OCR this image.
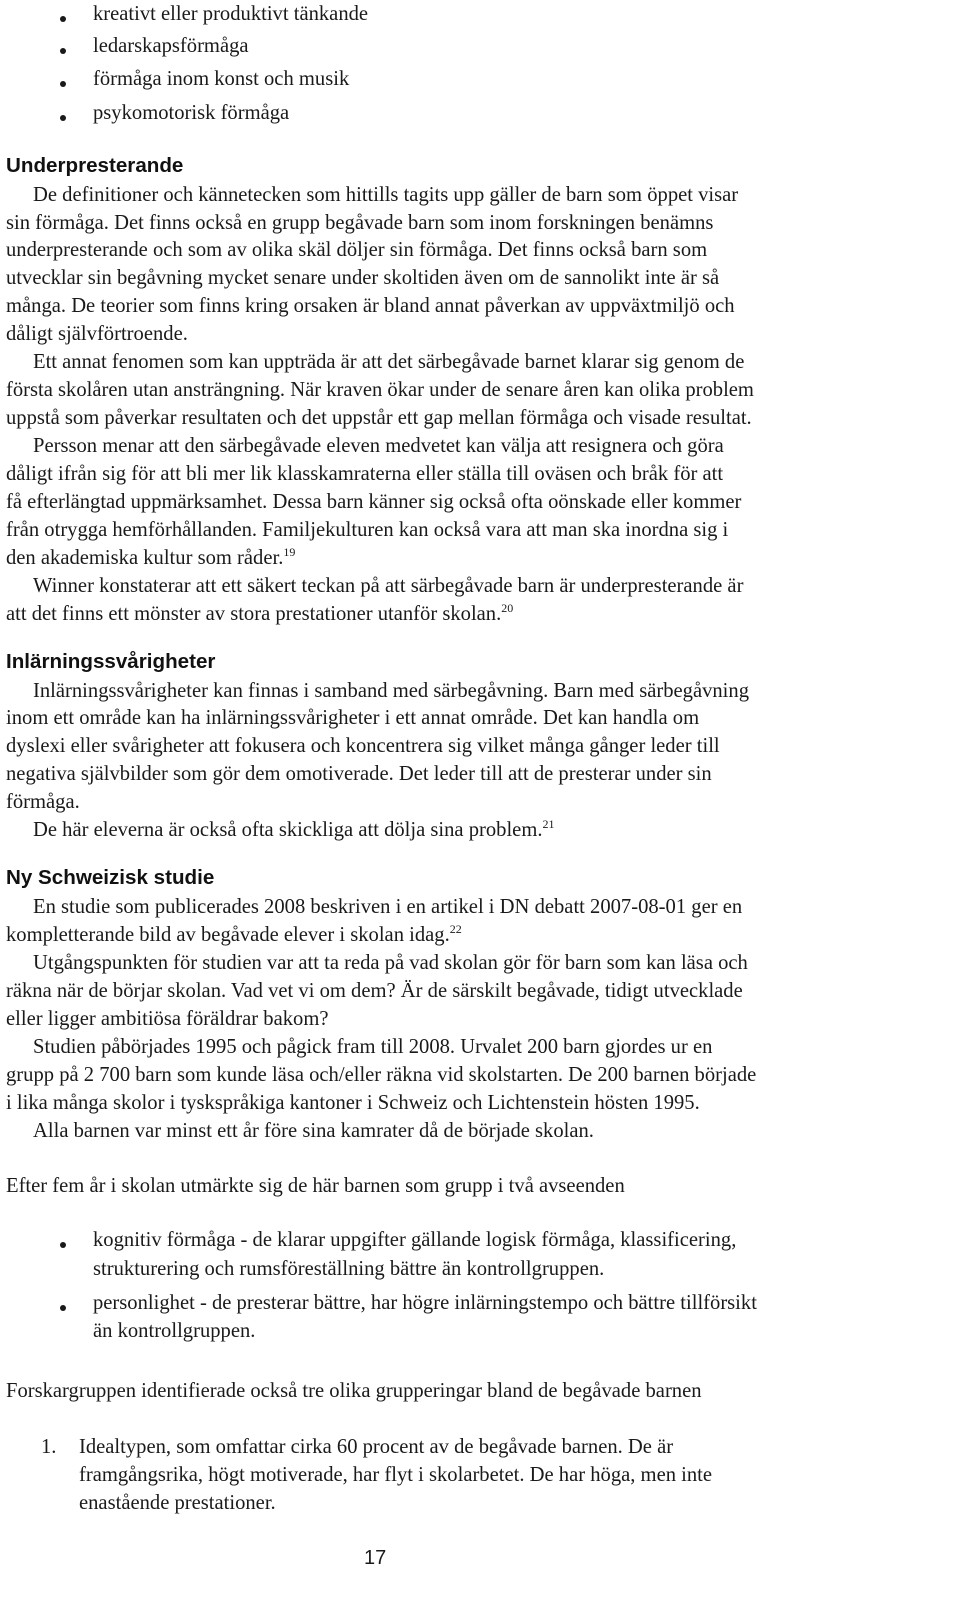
kreativt eller produktivt tänkande
ledarskapsförmåga
förmåga inom konst och musik
psykomotorisk förmåga
Underpresterande
De definitioner och kännetecken som hittills tagits upp gäller de barn som öppet visar
sin förmåga. Det finns också en grupp begåvade barn som inom forskningen benämns
underpresterande och som av olika skäl döljer sin förmåga. Det finns också barn som
utvecklar sin begåvning mycket senare under skoltiden även om de sannolikt inte är så
många. De teorier som finns kring orsaken är bland annat påverkan av uppväxtmiljö och
dåligt självförtroende.
Ett annat fenomen som kan uppträda är att det särbegåvade barnet klarar sig genom de
första skolåren utan ansträngning. När kraven ökar under de senare åren kan olika problem
uppstå som påverkar resultaten och det uppstår ett gap mellan förmåga och visade resultat.
Persson menar att den särbegåvade eleven medvetet kan välja att resignera och göra
dåligt ifrån sig för att bli mer lik klasskamraterna eller ställa till oväsen och bråk för att
få efterlängtad uppmärksamhet. Dessa barn känner sig också ofta oönskade eller kommer
från otrygga hemförhållanden. Familjekulturen kan också vara att man ska inordna sig i
den akademiska kultur som råder.$^{19}$
Winner konstaterar att ett säkert teckan på att särbegåvade barn är underpresterande är
att det finns ett mönster av stora prestationer utanför skolan.$^{20}$
Inlärningssvårigheter
Inlärningssvårigheter kan finnas i samband med särbegåvning. Barn med särbegåvning
inom ett område kan ha inlärningssvårigheter i ett annat område. Det kan handla om
dyslexi eller svårigheter att fokusera och koncentrera sig vilket många gånger leder till
negativa självbilder som gör dem omotiverade. Det leder till att de presterar under sin
förmåga.
De här eleverna är också ofta skickliga att dölja sina problem.$^{21}$
Ny Schweizisk studie
En studie som publicerades 2008 beskriven i en artikel i DN debatt 2007-08-01 ger en
kompletterande bild av begåvade elever i skolan idag.$^{22}$
Utgångspunkten för studien var att ta reda på vad skolan gör för barn som kan läsa och
räkna när de börjar skolan. Vad vet vi om dem? Är de särskilt begåvade, tidigt utvecklade
eller ligger ambitiösa föräldrar bakom?
Studien påbörjades 1995 och pågick fram till 2008. Urvalet 200 barn gjordes ur en
grupp på 2 700 barn som kunde läsa och/eller räkna vid skolstarten. De 200 barnen började
i lika många skolor i tyskspråkiga kantoner i Schweiz och Lichtenstein hösten 1995.
Alla barnen var minst ett år före sina kamrater då de började skolan.
Efter fem år i skolan utmärkte sig de här barnen som grupp i två avseenden
kognitiv förmåga - de klarar uppgifter gällande logisk förmåga, klassificering,
strukturering och rumsföreställning bättre än kontrollgruppen.
personlighet - de presterar bättre, har högre inlärningstempo och bättre tillförsikt
än kontrollgruppen.
Forskargruppen identifierade också tre olika grupperingar bland de begåvade barnen
1. Idealtypen, som omfattar cirka 60 procent av de begåvade barnen. De är
framgångsrika, högt motiverade, har flyt i skolarbetet. De har höga, men inte
enastående prestationer.
17
